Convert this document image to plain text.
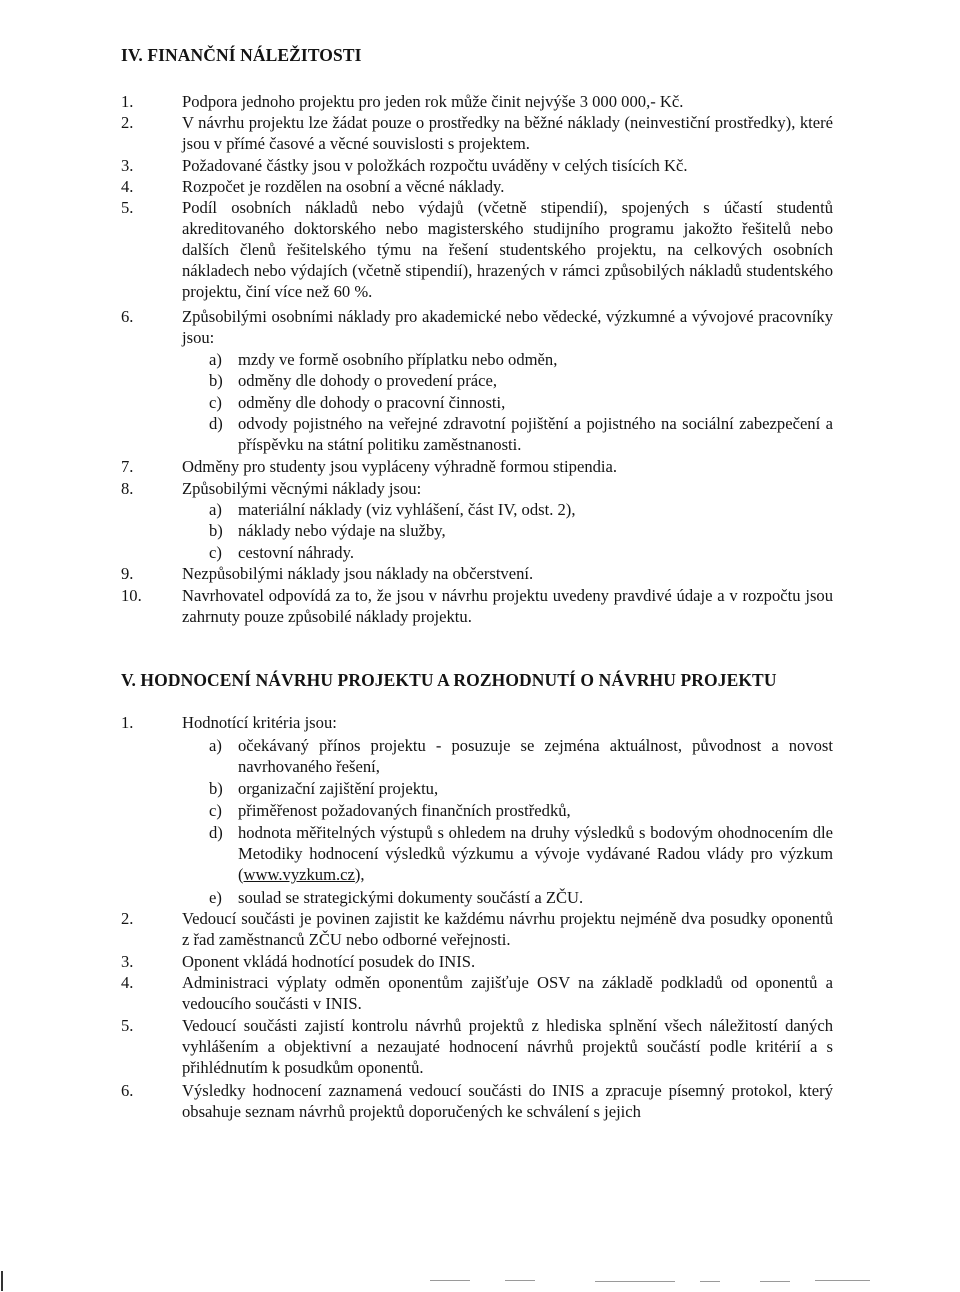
IV. FINANČNÍ NÁLEŽITOSTI
1.	Podpora jednoho projektu pro jeden rok může činit nejvýše 3 000 000,- Kč.
2.	V návrhu projektu lze žádat pouze o prostředky na běžné náklady (neinvestiční prostředky), které jsou v přímé časové a věcné souvislosti s projektem.
3.	Požadované částky jsou v položkách rozpočtu uváděny v celých tisících Kč.
4.	Rozpočet je rozdělen na osobní a věcné náklady.
5.	Podíl osobních nákladů nebo výdajů (včetně stipendií), spojených s účastí studentů akreditovaného doktorského nebo magisterského studijního programu jakožto řešitelů nebo dalších členů řešitelského týmu na řešení studentského projektu, na celkových osobních nákladech nebo výdajích (včetně stipendií), hrazených v rámci způsobilých nákladů studentského projektu, činí více než 60 %.
6.	Způsobilými osobními náklady pro akademické nebo vědecké, výzkumné a vývojové pracovníky jsou:
a) mzdy ve formě osobního příplatku nebo odměn,
b) odměny dle dohody o provedení práce,
c) odměny dle dohody o pracovní činnosti,
d) odvody pojistného na veřejné zdravotní pojištění a pojistného na sociální zabezpečení a příspěvku na státní politiku zaměstnanosti.
7.	Odměny pro studenty jsou vypláceny výhradně formou stipendia.
8.	Způsobilými věcnými náklady jsou:
a) materiální náklady (viz vyhlášení, část IV, odst. 2),
b) náklady nebo výdaje na služby,
c) cestovní náhrady.
9.	Nezpůsobilými náklady jsou náklady na občerstvení.
10.	Navrhovatel odpovídá za to, že jsou v návrhu projektu uvedeny pravdivé údaje a v rozpočtu jsou zahrnuty pouze způsobilé náklady projektu.
V. HODNOCENÍ NÁVRHU PROJEKTU A ROZHODNUTÍ O NÁVRHU PROJEKTU
1.	Hodnotící kritéria jsou:
a) očekávaný přínos projektu - posuzuje se zejména aktuálnost, původnost a novost navrhovaného řešení,
b) organizační zajištění projektu,
c) přiměřenost požadovaných finančních prostředků,
d) hodnota měřitelných výstupů s ohledem na druhy výsledků s bodovým ohodnocením dle Metodiky hodnocení výsledků výzkumu a vývoje vydávané Radou vlády pro výzkum (www.vyzkum.cz),
e) soulad se strategickými dokumenty součástí a ZČU.
2.	Vedoucí součásti je povinen zajistit ke každému návrhu projektu nejméně dva posudky oponentů z řad zaměstnanců ZČU nebo odborné veřejnosti.
3.	Oponent vkládá hodnotící posudek do INIS.
4.	Administraci výplaty odměn oponentům zajišťuje OSV na základě podkladů od oponentů a vedoucího součásti v INIS.
5.	Vedoucí součásti zajistí kontrolu návrhů projektů z hlediska splnění všech náležitostí daných vyhlášením a objektivní a nezaujaté hodnocení návrhů projektů součástí podle kritérií a s přihlédnutím k posudkům oponentů.
6.	Výsledky hodnocení zaznamená vedoucí součásti do INIS a zpracuje písemný protokol, který obsahuje seznam návrhů projektů doporučených ke schválení s jejich
